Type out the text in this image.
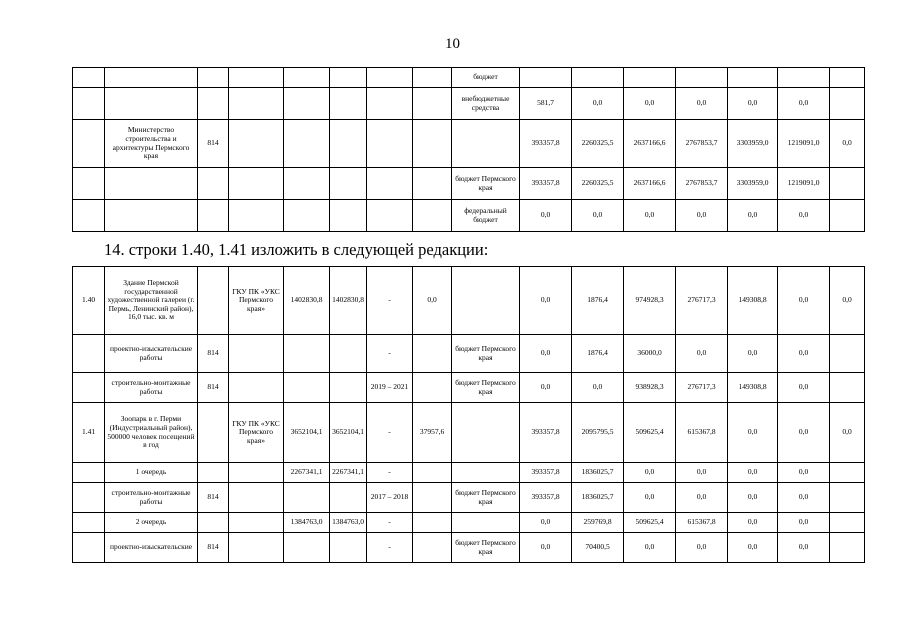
10
								бюджет							
								внебюджетные средства	581,7	0,0	0,0	0,0	0,0	0,0	
	Министерство строительства и архитектуры Пермского края	814							393357,8	2260325,5	2637166,6	2767853,7	3303959,0	1219091,0	0,0
								бюджет Пермского края	393357,8	2260325,5	2637166,6	2767853,7	3303959,0	1219091,0	
								федеральный бюджет	0,0	0,0	0,0	0,0	0,0	0,0	
14. строки 1.40, 1.41 изложить в следующей редакции:
1.40	Здание Пермской государственной художественной галереи (г. Пермь, Ленинский район), 16,0 тыс. кв. м		ГКУ ПК «УКС Пермского края»	1402830,8	1402830,8	-	0,0		0,0	1876,4	974928,3	276717,3	149308,8	0,0	0,0
	проектно-изыскательские работы	814				-		бюджет Пермского края	0,0	1876,4	36000,0	0,0	0,0	0,0	
	строительно-монтажные работы	814				2019 – 2021		бюджет Пермского края	0,0	0,0	938928,3	276717,3	149308,8	0,0	
1.41	Зоопарк в г. Перми (Индустриальный район), 500000 человек посещений в год		ГКУ ПК «УКС Пермского края»	3652104,1	3652104,1	-	37957,6		393357,8	2095795,5	509625,4	615367,8	0,0	0,0	0,0
	1 очередь			2267341,1	2267341,1	-			393357,8	1836025,7	0,0	0,0	0,0	0,0	
	строительно-монтажные работы	814				2017 – 2018		бюджет Пермского края	393357,8	1836025,7	0,0	0,0	0,0	0,0	
	2 очередь			1384763,0	1384763,0	-			0,0	259769,8	509625,4	615367,8	0,0	0,0	
	проектно-изыскательские	814				-		бюджет Пермского края	0,0	70400,5	0,0	0,0	0,0	0,0	
